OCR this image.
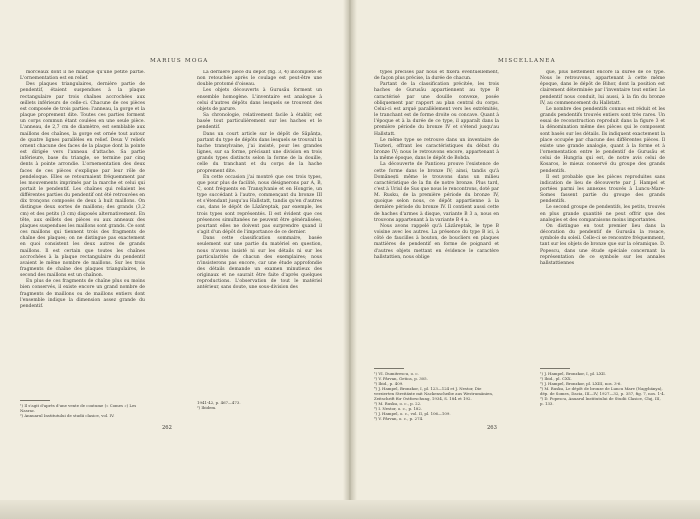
MARIUS MOGA

morceaux dont il ne manque qu'une petite partie. L'ornementation est en relief.

Des plaques triangulaires, dernière partie de pendentif, étaient suspendues à la plaque rectangulaire par trois chaînes accrochées aux œillets inférieurs de celle-ci. Chacune de ces pièces est composée de trois parties: l'anneau, la gorge et la plaque proprement dite. Toutes ces parties forment un corps commun étant coulées en une seule pièce. L'anneau, de 2,7 cm de diamètre, est semblable aux maillons des chaînes, la gorge est ornée tout autour de quatre lignes parallèles en relief. Deux V reliefs ornent chacune des faces de la plaque dont la pointe est dirigée vers l'anneau d'attache. Sa partie inférieure, base du triangle, se termine par cinq dents à pointe arrondie. L'ornementation des deux faces de ces pièces s'explique par leur rôle de pendeloque. Elles se retournaient fréquemment par les mouvements imprimés par la marche et celui qui portait le pendentif. Les chaînes qui reliaient les différentes parties du pendentif ont été retrouvées en dix tronçons composés de deux à huit maillons. On distingue deux sortes de maillons; des grands (3,2 cm) et des petits (3 cm) disposés alternativement. En tête, aux œillets des pièces ou aux anneaux des plaques suspendues les maillons sont grands. Ce sont ces maillons qui tiennent trois des fragments de chaîne des plaques; on ne distingue pas exactement en quoi consistent les deux autres de grands maillons. Il est certain que toutes les chaînes accrochées à la plaque rectangulaire du pendentif avaient le même nombre de maillons. Sur les trois fragments de chaîne des plaques triangulaires, le second des maillons est un chaînon.

En plus de ces fragments de chaîne plus ou moins bien conservés, il existe encore un grand nombre de fragments de maillons ou de maillons entiers dont l'ensemble indique la dimension assez grande du pendentif.

¹) Il s'agit d'après d'une vente de coutume (« Comes ») Les Nasrac.
²) Annuarul Institutului de studii clasice, vol. IV.

La dernière pièce du dépôt (fig. 3, 4) incomplète et non retouchée après le coulage est peut-être une double protomé d'oiseau.

Les objets découverts à Gurusău forment un ensemble homogène. L'inventaire est analogue à celui d'autres dépôts dans lesquels se trouvent des objets de parure.

Sa chronologie, relativement facile à établir, est basée tout particulièrement sur les haches et le pendentif.

Dans un court article sur le dépôt de Săpânța, partant du type de dépôts dans lesquels se trouvait la hache transylvaine, j'ai insisté, pour les grandes lignes, sur sa forme, précisant une division en trois grands types distincts selon la forme de la douille, celle du tranchant et du corps de la hache proprement dite.

En cette occasion j'ai montré que ces trois types, que pour plus de facilité, nous désignerons par A, B, C, sont fréquents en Transylvanie et en Hongrie, un type succédant à l'autre, commençant du bronze III et s'étendant jusqu'au Hallstatt, tandis qu'en d'autres cas, dans le dépôt de Lăzăreptak, par exemple, les trois types sont représentés. Il est évident que ces présences simultanées ne peuvent être généralisées, pourtant elles ne doivent pas surprendre quand il s'agit d'un dépôt de l'importance de ce dernier.

Dans cette classification sommaire, basée seulement sur une partie du matériel en question, nous n'avons insisté ni sur les détails ni sur les particularités de chacun des exemplaires; nous n'insisterons pas encore, car une étude approfondie des détails demande un examen minutieux des originaux et ne saurait être faite d'après quelques reproductions. L'observation de tout le matériel antérieur, sans doute, une sous-division des

1941-42, p. 467—473.
²) Ibidem.
262
MISCELLANEA

types précisés par nous et fixera éventuellement, de façon plus précise, la durée de chacun.

Partant de la classification précitée, les trois haches de Gurusău appartiennent au type B caractérisé par une douille convexe, posée obliquement par rapport au plan central du corps. Celui-ci est arqué parallèlement vers les extrémités, le tranchant est de forme droite ou concave. Quant à l'époque et à la durée de ce type, il apparaît dans la première période du bronze IV et s'étend jusqu'au Hallstatt.

Le même type se retrouve dans un inventaire de Tiszteri, offrant les caractéristiques du début du bronze IV; nous le retrouvons encore, appartenant à la même époque, dans le dépôt de Bobda.

La découverte de Panticeu prouve l'existence de cette forme dans le bronze IV; ainsi, tandis qu'à Domănești même le trouvons dans un milieu caractéristique de la fin de notre bronze. Plus tard, c'est à Uriul de Sus que nous le rencontrons, doté par M. Rusku, de la première période du bronze IV, quoique selon nous, ce dépôt appartienne à la dernière période du bronze IV. Il contient aussi cette de haches d'armes à disque, variante B 3 a, nous en trouvons appartenant à la variante B 4 a.

Nous avons rappelé qu'à Lăzăreptak, le type B voisine avec les autres. La présence du type B ici, à côté de faucilles à bouton, de boucliers en plaques mattières de pendentif en forme de poignard et d'autres objets mettant en évidence le caractère hallstattien, nous oblige

¹) VI. Dumitrescu, o. c.
²) V. Pârvan, Getica, p. 305.
³) Ibid., p. 409.
⁴) J. Hampel, Bronzkor, I, pl. 123—124 et J. Nestor, Die verzierten Streitäxte mit Nackenscheibe aus Westrumänien, Zeitschrift für Ostforschung, 1934, S. 184 et 192.
⁵) M. Rusku, o. c., p. 22.
⁶) I. Nestor, o. c., p. 182.
⁷) J. Hampel, o. c., vol. II, pl. 106—109.
⁸) V. Pârvan, o. c., p. 274.

que, plus nettement encore la durée de ce type. Nous le retrouvons, appartenant à cette même époque, dans le dépôt de Bihor, dont la position est clairement déterminée par l'inventaire tout entier. Le pendentif nous conduit, lui aussi, à la fin du bronze IV, au commencement du Hallstatt.

Le nombre des pendentifs connus est réduit et les grands pendentifs trouvés entiers sont très rares. Un essai de reconstruction reproduit dans la figure 3 et la dénomination même des pièces qui le composent sont basés sur les détails. Ils indiquent exactement la place occupée par chacune des différentes pièces. Il existe une grande analogie, quant à la forme et à l'ornementation entre le pendentif de Gurusău et celui de Hungria qui est, de notre avis celui de Kosaros, le mieux conservé du groupe des grands pendentifs.

Il est probable que les pièces reproduites sans indication de lieu de découverte par J. Hampel et portées parmi les annexes trouvés à Luncu-Mare-Somes fassent partie du groupe des grands pendentifs.

Le second groupe de pendentifs, les petits, trouvés en plus grande quantité ne peut offrir que des analogies et des comparaisons moins importantes.

On distingue en tout premier lieu dans la décoration du pendentif de Gurusău la rosace, symbole du soleil. Celle-ci se rencontre fréquemment, tant sur les objets de bronze que sur la céramique. D. Popescu, dans une étude spéciale concernant la représentation de ce symbole sur les annales hallstattiennes

¹) J. Hampel, Bronzkor, I, pl. LXII.
²) Ibid., pl. CXX.
³) J. Hampel, Bronzkor, pl. LXIII, nos. 3-6.
⁴) M. Rusku, Le dépôt de bronze de Luncu Mare (Nagybánya), dép. de Somes, Dacia, III—IV, 1927—32, p. 357, fig. 7, nos. 1-4.
⁵) D. Popescu, Anuarul Institutului de Studii Clasice, Cluj, III, p. 133.
263
